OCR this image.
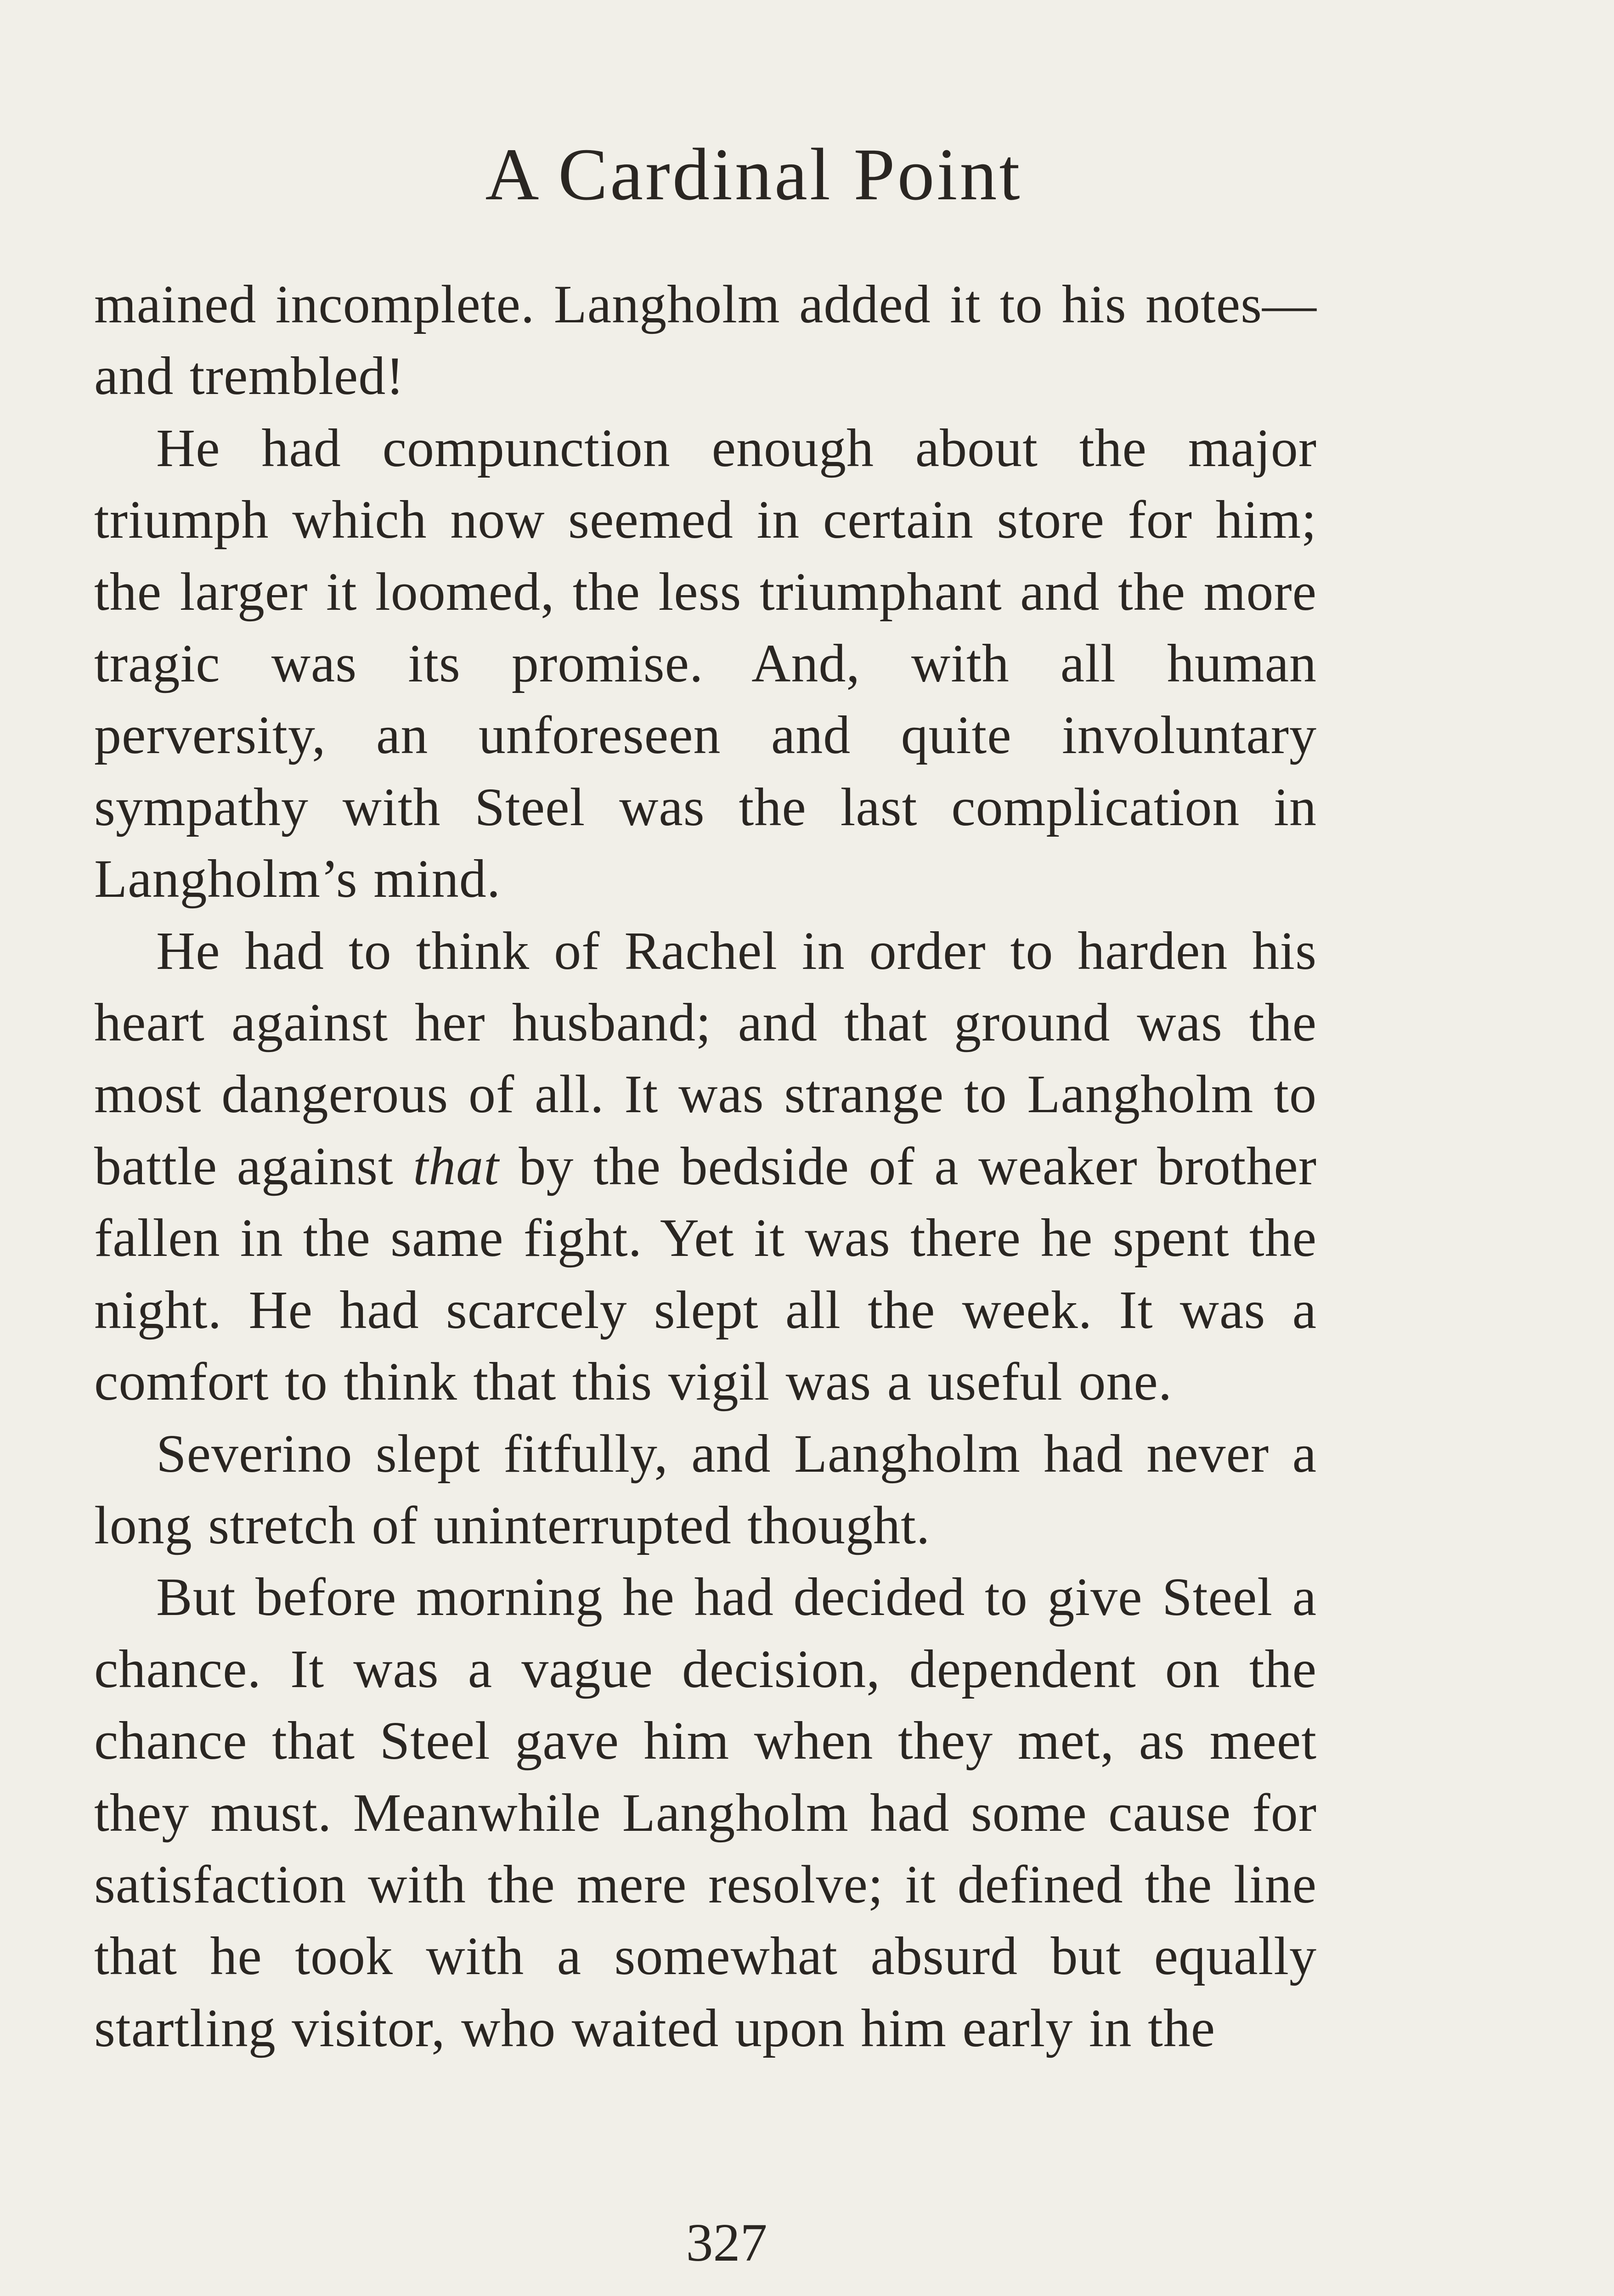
A Cardinal Point

mained incomplete. Langholm added it to his notes—and trembled!

He had compunction enough about the major triumph which now seemed in certain store for him; the larger it loomed, the less triumphant and the more tragic was its promise. And, with all human perversity, an unforeseen and quite involuntary sympathy with Steel was the last complication in Langholm’s mind.

He had to think of Rachel in order to harden his heart against her husband; and that ground was the most dangerous of all. It was strange to Langholm to battle against that by the bedside of a weaker brother fallen in the same fight. Yet it was there he spent the night. He had scarcely slept all the week. It was a comfort to think that this vigil was a useful one.

Severino slept fitfully, and Langholm had never a long stretch of uninterrupted thought.

But before morning he had decided to give Steel a chance. It was a vague decision, dependent on the chance that Steel gave him when they met, as meet they must. Meanwhile Langholm had some cause for satisfaction with the mere resolve; it defined the line that he took with a somewhat absurd but equally startling visitor, who waited upon him early in the

327
